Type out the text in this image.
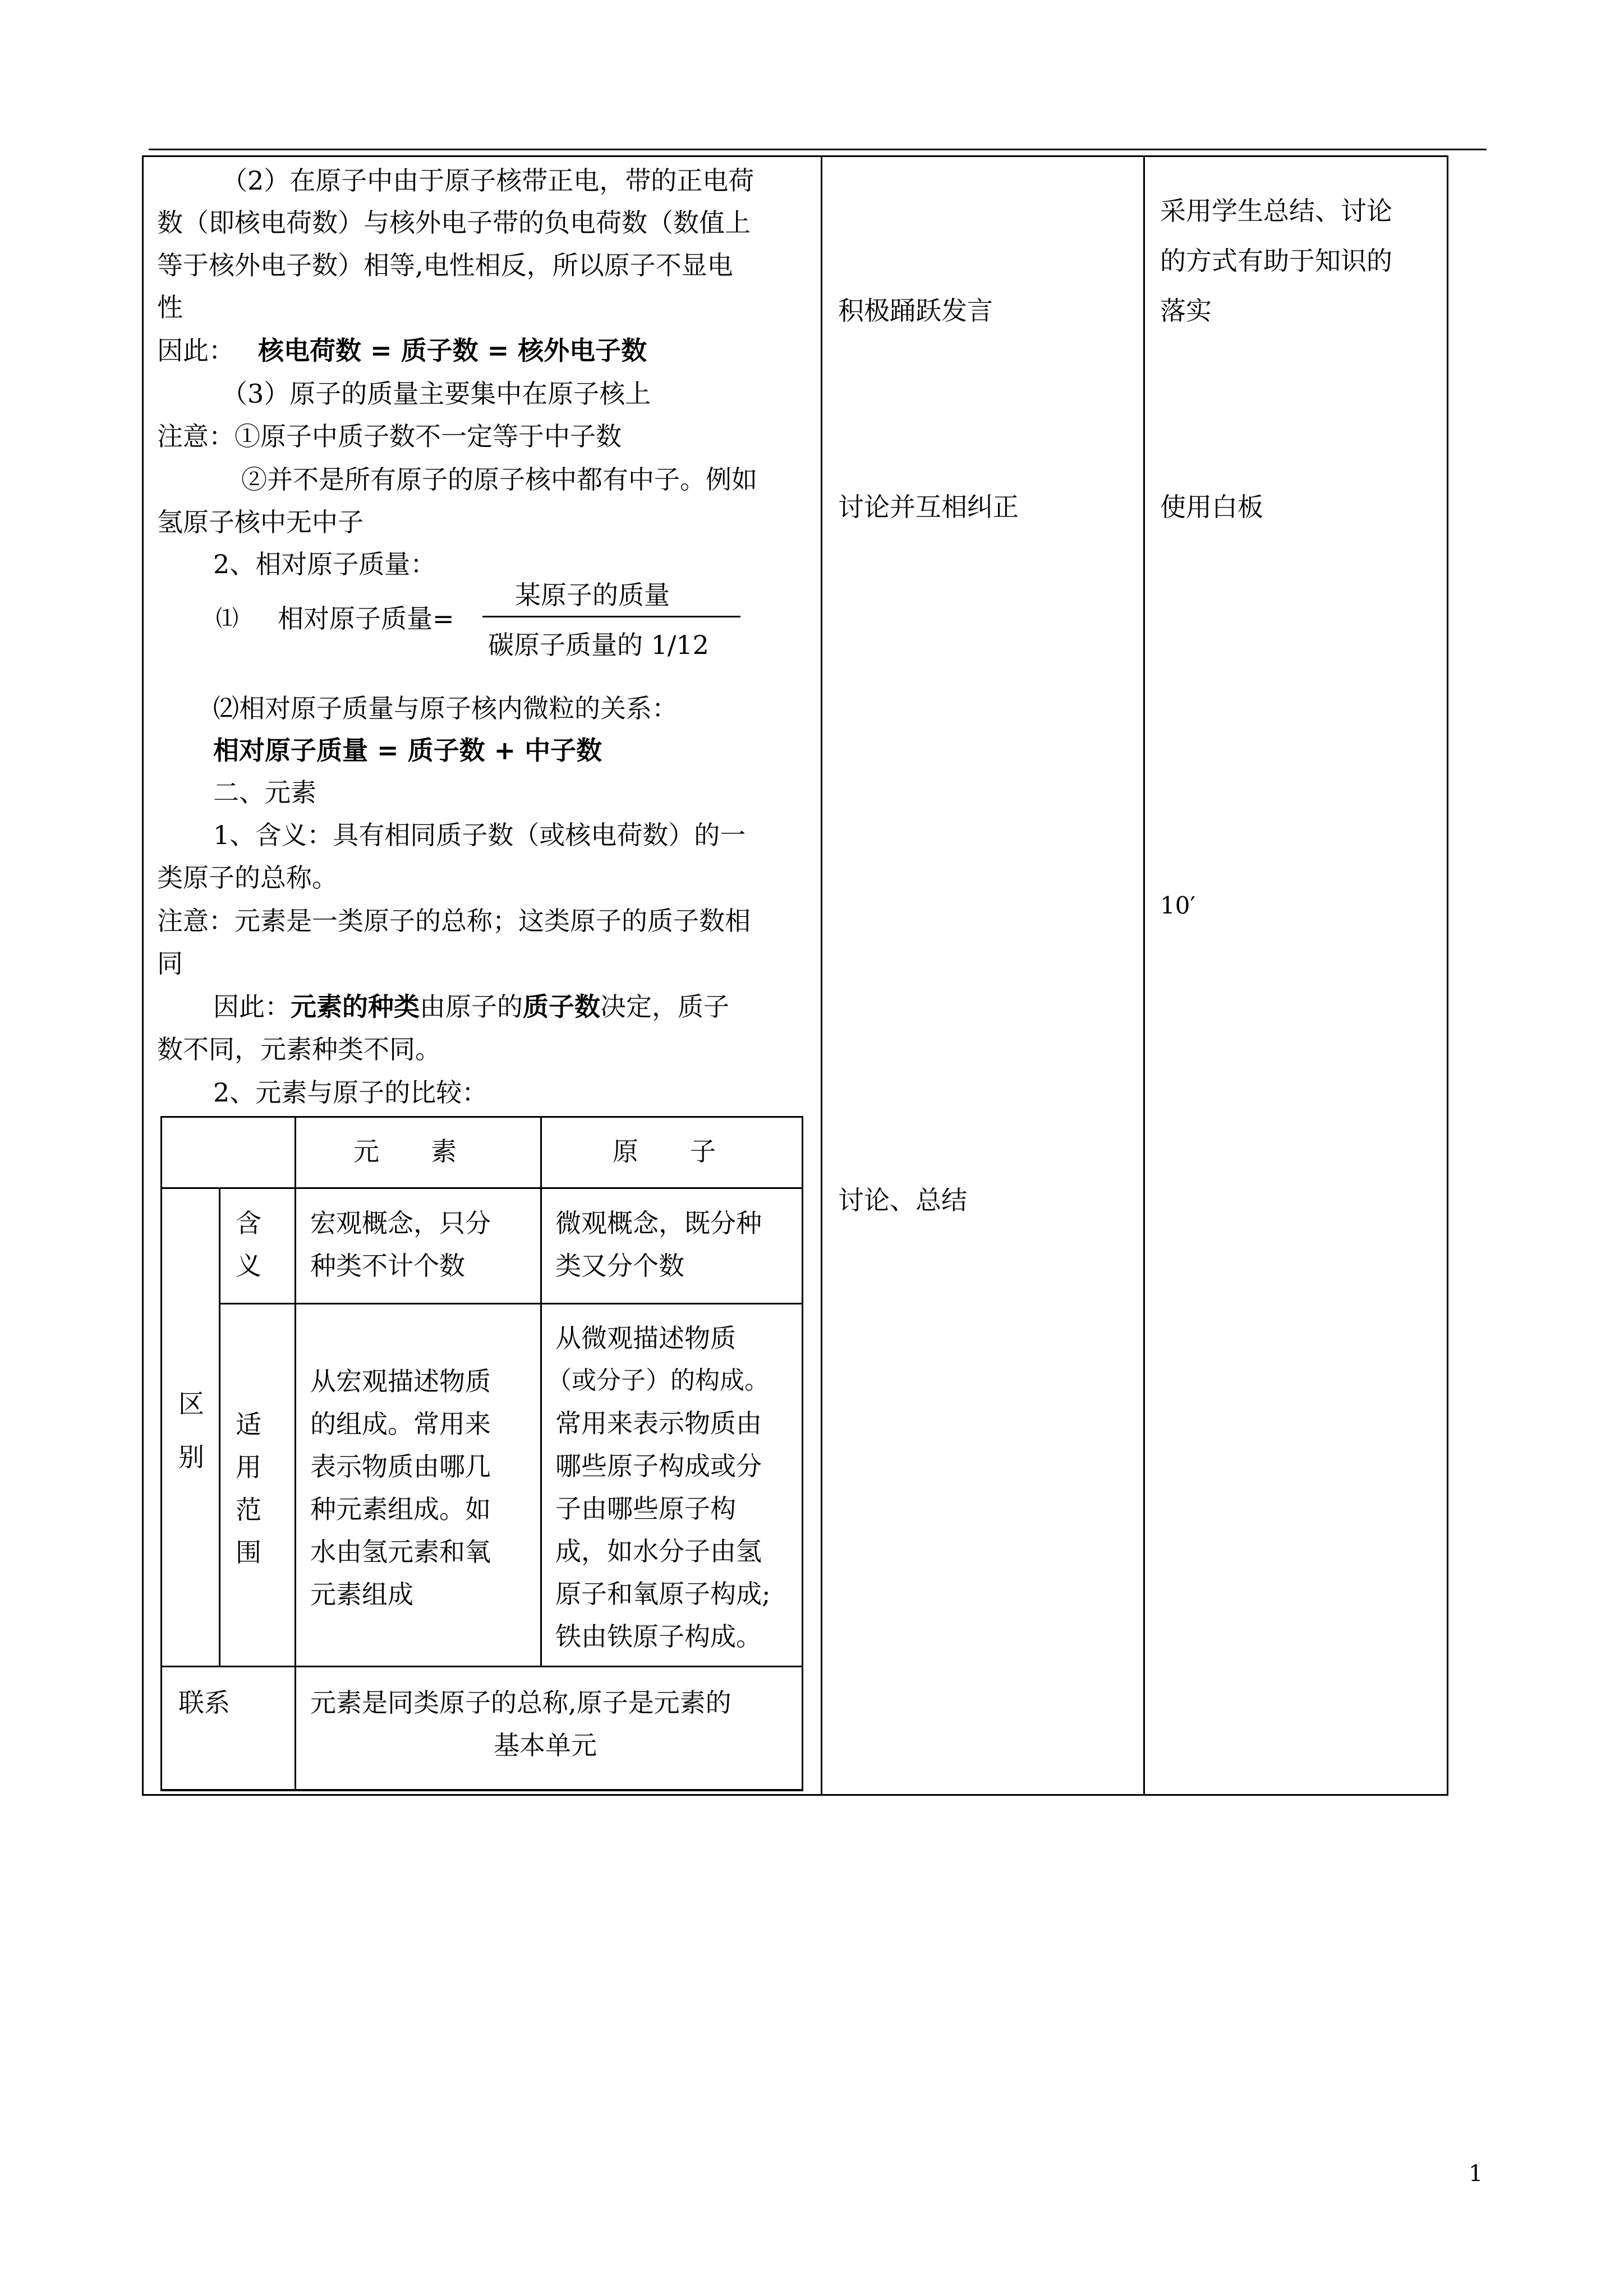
（2）在原子中由于原子核带正电，带的正电荷
数（即核电荷数）与核外电子带的负电荷数（数值上
等于核外电子数）相等,电性相反，所以原子不显电
性
因此： 核电荷数 = 质子数 = 核外电子数
（3）原子的质量主要集中在原子核上
注意：①原子中质子数不一定等于中子数
②并不是所有原子的原子核中都有中子。例如
氢原子核中无中子
2、相对原子质量：
⑴ 相对原子质量=
某原子的质量
碳原子质量的 1/12
⑵相对原子质量与原子核内微粒的关系：
相对原子质量 = 质子数 + 中子数
二、元素
1、含义：具有相同质子数（或核电荷数）的一
类原子的总称。
注意：元素是一类原子的总称；这类原子的质子数相
同
因此：元素的种类由原子的质子数决定，质子
数不同，元素种类不同。
2、元素与原子的比较：
元　　素	原　　子
区
别
含
义
宏观概念，只分
种类不计个数
微观概念，既分种
类又分个数
适
用
范
围
从宏观描述物质
的组成。常用来
表示物质由哪几
种元素组成。如
水由氢元素和氧
元素组成
从微观描述物质
（或分子）的构成。
常用来表示物质由
哪些原子构成或分
子由哪些原子构
成，如水分子由氢
原子和氧原子构成;
铁由铁原子构成。
联系	元素是同类原子的总称,原子是元素的
基本单元
积极踊跃发言
讨论并互相纠正
讨论、总结
采用学生总结、讨论
的方式有助于知识的
落实
使用白板
10′
1
